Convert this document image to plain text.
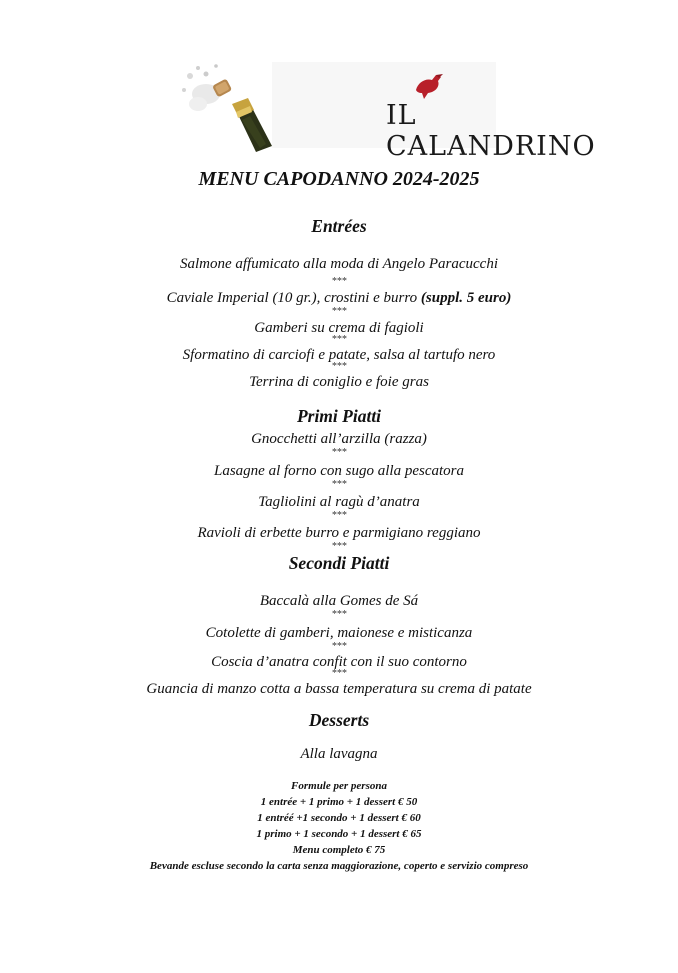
IL CALANDRINO
MENU CAPODANNO 2024-2025
Entrées
Salmone affumicato alla moda di Angelo Paracucchi
***
Caviale Imperial (10 gr.), crostini e burro (suppl. 5 euro)
***
Gamberi su crema di fagioli
***
Sformatino di carciofi e patate, salsa al tartufo nero
***
Terrina di coniglio e foie gras
Primi Piatti
Gnocchetti all’arzilla (razza)
***
Lasagne al forno con sugo alla pescatora
***
Tagliolini al ragù d’anatra
***
Ravioli di erbette burro e parmigiano reggiano
***
Secondi Piatti
Baccalà alla Gomes de Sá
***
Cotolette di gamberi, maionese e misticanza
***
Coscia d’anatra confit con il suo contorno
***
Guancia di manzo cotta a bassa temperatura su crema di patate
Desserts
Alla lavagna
Formule per persona
1 entrée + 1 primo + 1 dessert € 50
1 entréé +1 secondo + 1 dessert € 60
1 primo + 1 secondo + 1 dessert € 65
Menu completo € 75
Bevande escluse secondo la carta senza maggiorazione, coperto e servizio compreso
